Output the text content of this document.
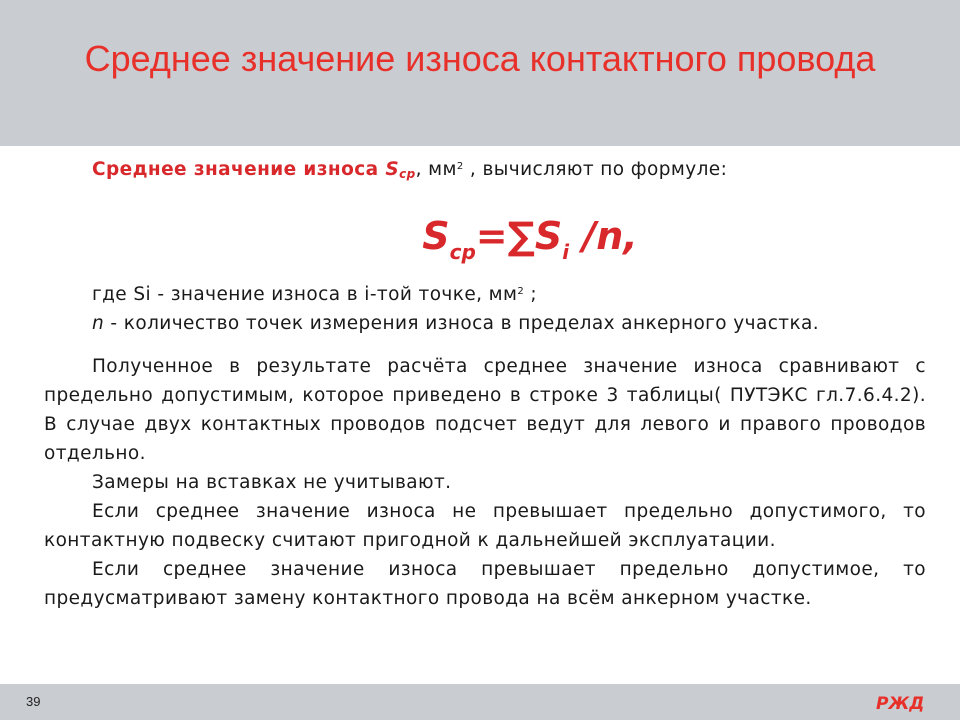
Среднее значение износа контактного провода

Среднее значение износа $S_{ср}$, $мм^2$ , вычисляют по формуле:

$S_{ср}=\sum S_i$ /n,

где Si - значение износа в i-той точке, $мм^2$ ;

n - количество точек измерения износа в пределах анкерного участка.

Полученное в результате расчёта среднее значение износа сравнивают с предельно допустимым, которое приведено в строке 3 таблицы( ПУТЭКС гл.7.6.4.2). В случае двух контактных проводов подсчет ведут для левого и правого проводов отдельно.

Замеры на вставках не учитывают.

Если среднее значение износа не превышает предельно допустимого, то контактную подвеску считают пригодной к дальнейшей эксплуатации.

Если среднее значение износа превышает предельно допустимое, то предусматривают замену контактного провода на всём анкерном участке.

39	РЖД
